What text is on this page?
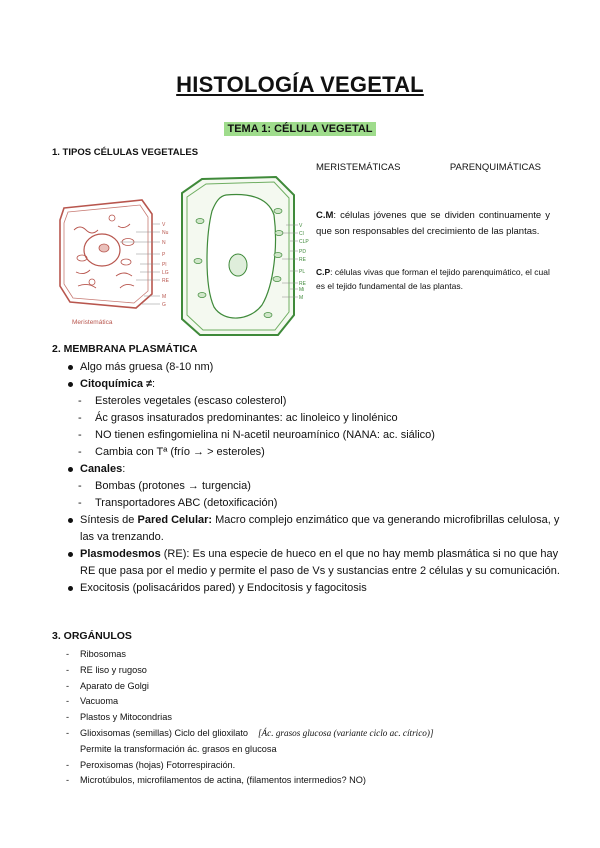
HISTOLOGÍA VEGETAL
TEMA 1: CÉLULA VEGETAL
1. TIPOS CÉLULAS VEGETALES
V
Nu
N
P
Pl
LG
RE
M
G
Meristemática
V
Cl
CLP
PD
RE
PL
RE
Mi
M
MERISTEMÁTICAS	PARENQUIMÁTICAS
C.M: células jóvenes que se dividen continuamente y que son responsables del crecimiento de las plantas.
C.P: células vivas que forman el tejido parenquimático, el cual es el tejido fundamental de las plantas.
2. MEMBRANA PLASMÁTICA
Algo más gruesa (8-10 nm)
Citoquímica ≠:
- Esteroles vegetales (escaso colesterol)
- Ác grasos insaturados predominantes: ac linoleico y linolénico
- NO tienen esfingomielina ni N-acetil neuroamínico (NANA: ac. siálico)
- Cambia con Tª (frío → > esteroles)
Canales:
- Bombas (protones → turgencia)
- Transportadores ABC (detoxificación)
Síntesis de Pared Celular: Macro complejo enzimático que va generando microfibrillas celulosa, y las va trenzando.
Plasmodesmos (RE): Es una especie de hueco en el que no hay memb plasmática si no que hay RE que pasa por el medio y permite el paso de Vs y sustancias entre 2 células y su comunicación.
Exocitosis (polisacáridos pared) y Endocitosis y fagocitosis
3. ORGÁNULOS
- Ribosomas
- RE liso y rugoso
- Aparato de Golgi
- Vacuoma
- Plastos y Mitocondrias
- Glioxisomas (semillas) Ciclo del glioxilato [Ác. grasos glucosa (variante ciclo ac. cítrico)]
Permite la transformación ác. grasos en glucosa
- Peroxisomas (hojas) Fotorrespiración.
- Microtúbulos, microfilamentos de actina, (filamentos intermedios? NO)
